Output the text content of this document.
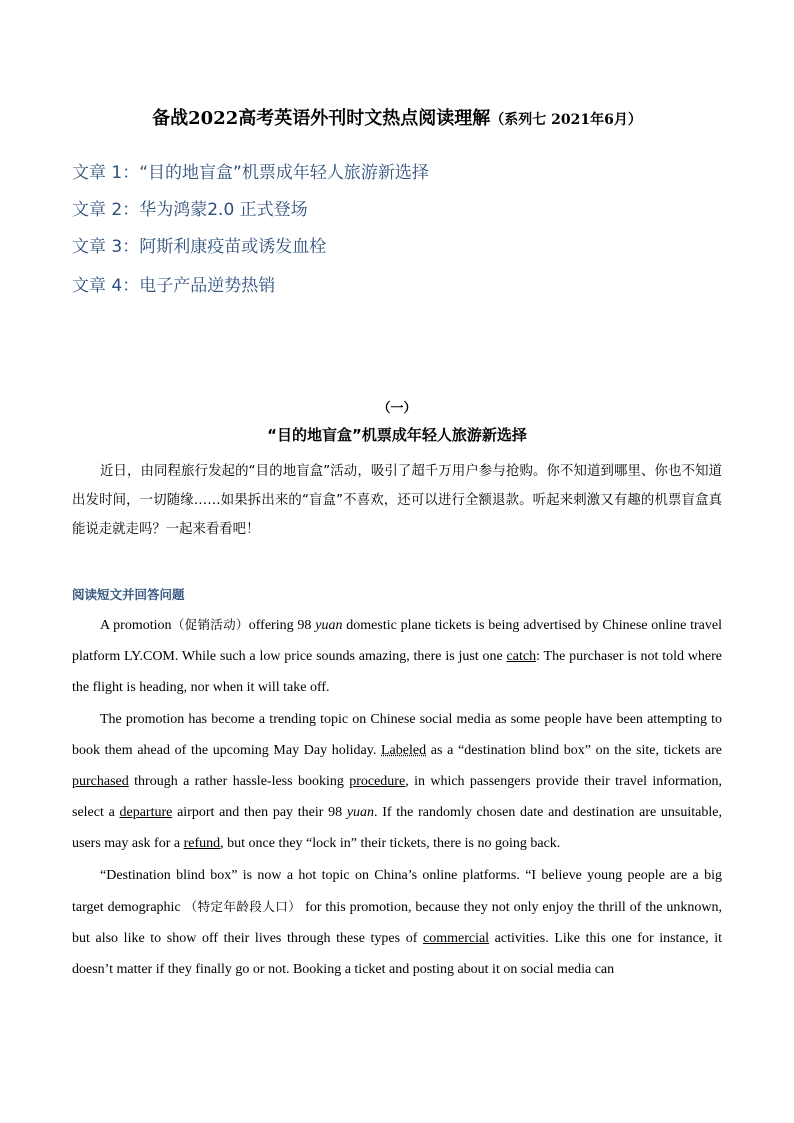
备战2022高考英语外刊时文热点阅读理解（系列七 2021年6月）
文章 1：“目的地盲盒”机票成年轻人旅游新选择
文章 2：华为鸿蒙2.0 正式登场
文章 3：阿斯利康疫苗或诱发血栓
文章 4：电子产品逆势热销
（一）
“目的地盲盒”机票成年轻人旅游新选择
近日，由同程旅行发起的“目的地盲盒”活动，吸引了超千万用户参与抢购。你不知道到哪里、你也不知道出发时间，一切随缘……如果拆出来的“盲盒”不喜欢，还可以进行全额退款。听起来刺激又有趣的机票盲盒真能说走就走吗？一起来看看吧！
阅读短文并回答问题

A promotion（促销活动）offering 98 yuan domestic plane tickets is being advertised by Chinese online travel platform LY.COM. While such a low price sounds amazing, there is just one catch: The purchaser is not told where the flight is heading, nor when it will take off.

The promotion has become a trending topic on Chinese social media as some people have been attempting to book them ahead of the upcoming May Day holiday. Labeled as a “destination blind box” on the site, tickets are purchased through a rather hassle-less booking procedure, in which passengers provide their travel information, select a departure airport and then pay their 98 yuan. If the randomly chosen date and destination are unsuitable, users may ask for a refund, but once they “lock in” their tickets, there is no going back.

“Destination blind box” is now a hot topic on China’s online platforms. “I believe young people are a big target demographic （特定年龄段人口） for this promotion, because they not only enjoy the thrill of the unknown, but also like to show off their lives through these types of commercial activities. Like this one for instance, it doesn’t matter if they finally go or not. Booking a ticket and posting about it on social media can
